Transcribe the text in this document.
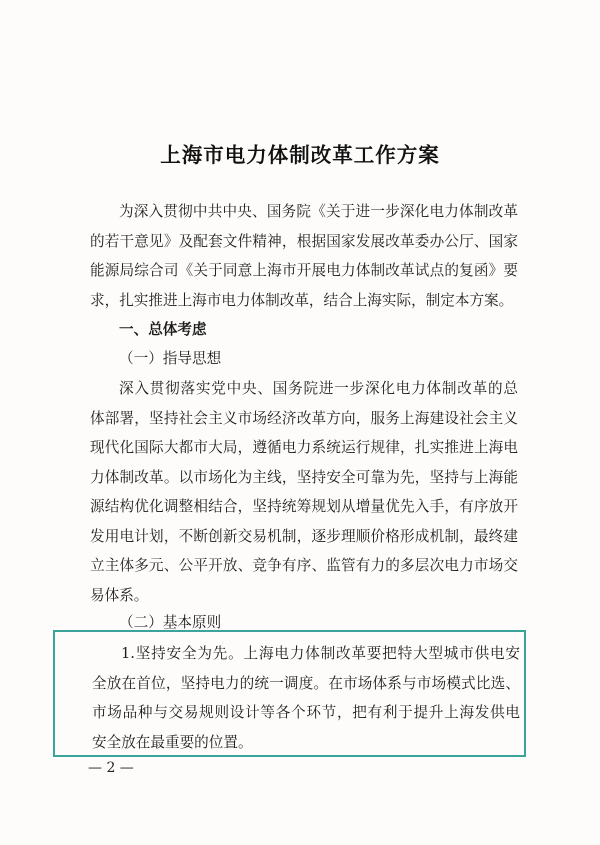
上海市电力体制改革工作方案
为深入贯彻中共中央、国务院《关于进一步深化电力体制改革
的若干意见》及配套文件精神，根据国家发展改革委办公厅、国家
能源局综合司《关于同意上海市开展电力体制改革试点的复函》要
求，扎实推进上海市电力体制改革，结合上海实际，制定本方案。
一、总体考虑
（一）指导思想
深入贯彻落实党中央、国务院进一步深化电力体制改革的总
体部署，坚持社会主义市场经济改革方向，服务上海建设社会主义
现代化国际大都市大局，遵循电力系统运行规律，扎实推进上海电
力体制改革。以市场化为主线，坚持安全可靠为先，坚持与上海能
源结构优化调整相结合，坚持统筹规划从增量优先入手，有序放开
发用电计划，不断创新交易机制，逐步理顺价格形成机制，最终建
立主体多元、公平开放、竞争有序、监管有力的多层次电力市场交
易体系。
（二）基本原则
1.坚持安全为先。上海电力体制改革要把特大型城市供电安
全放在首位，坚持电力的统一调度。在市场体系与市场模式比选、
市场品种与交易规则设计等各个环节，把有利于提升上海发供电
安全放在最重要的位置。
— 2 —
